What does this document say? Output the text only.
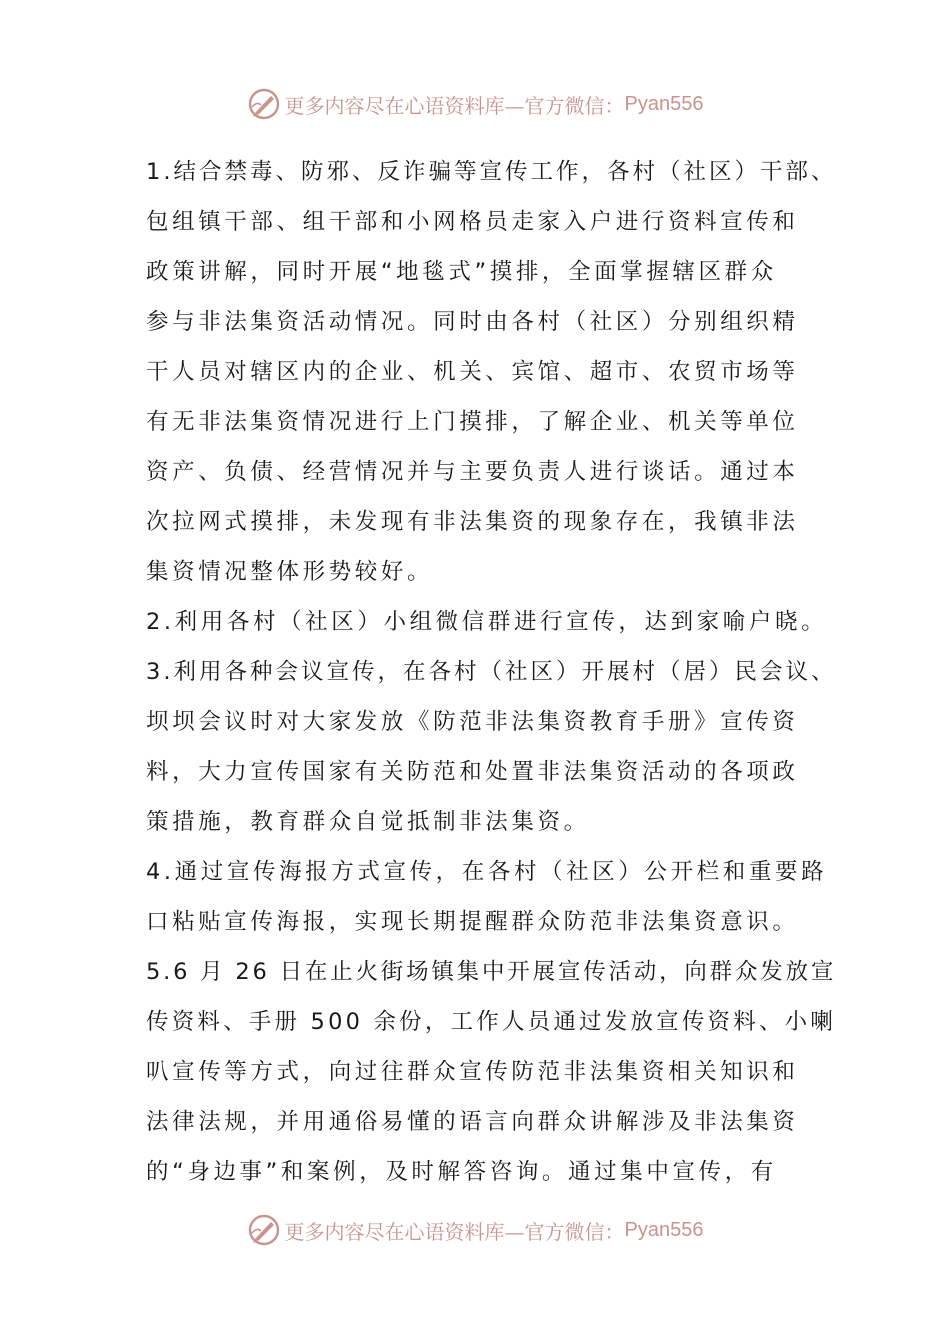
更多内容尽在心语资料库—官方微信： Pyan556
1.结合禁毒、防邪、反诈骗等宣传工作，各村（社区）干部、
包组镇干部、组干部和小网格员走家入户进行资料宣传和
政策讲解，同时开展“地毯式”摸排，全面掌握辖区群众
参与非法集资活动情况。同时由各村（社区）分别组织精
干人员对辖区内的企业、机关、宾馆、超市、农贸市场等
有无非法集资情况进行上门摸排，了解企业、机关等单位
资产、负债、经营情况并与主要负责人进行谈话。通过本
次拉网式摸排，未发现有非法集资的现象存在，我镇非法
集资情况整体形势较好。
2.利用各村（社区）小组微信群进行宣传，达到家喻户晓。
3.利用各种会议宣传，在各村（社区）开展村（居）民会议、
坝坝会议时对大家发放《防范非法集资教育手册》宣传资
料，大力宣传国家有关防范和处置非法集资活动的各项政
策措施，教育群众自觉抵制非法集资。
4.通过宣传海报方式宣传，在各村（社区）公开栏和重要路
口粘贴宣传海报，实现长期提醒群众防范非法集资意识。
5.6 月 26 日在止火街场镇集中开展宣传活动，向群众发放宣
传资料、手册 500 余份，工作人员通过发放宣传资料、小喇
叭宣传等方式，向过往群众宣传防范非法集资相关知识和
法律法规，并用通俗易懂的语言向群众讲解涉及非法集资
的“身边事”和案例，及时解答咨询。通过集中宣传，有
更多内容尽在心语资料库—官方微信： Pyan556
